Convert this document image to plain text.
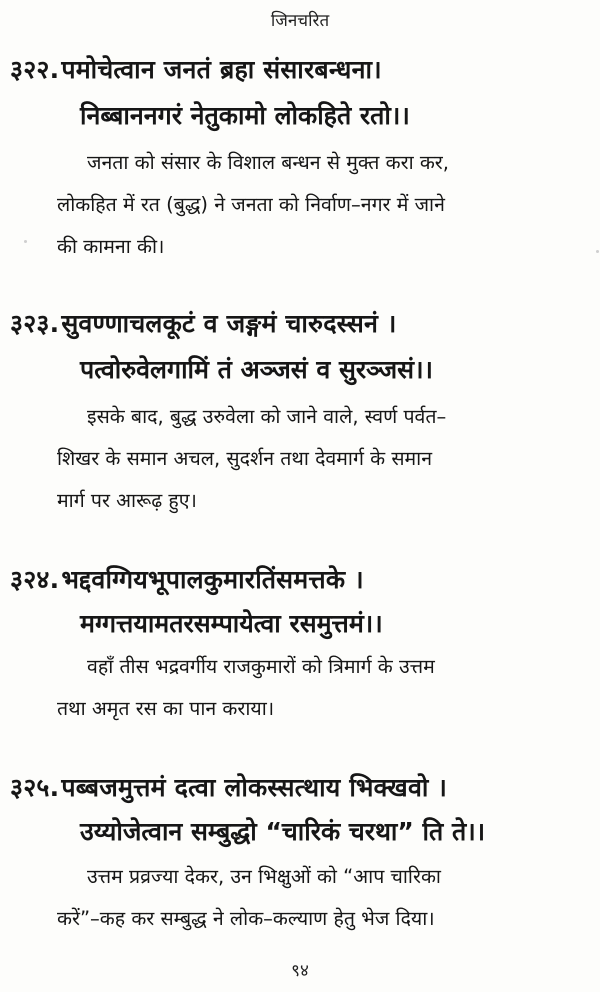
जिनचरित
३२२.पमोचेत्वान जनतं ब्रहा संसारबन्धना।
निब्बाननगरं नेतुकामो लोकहिते रतो।।
जनता को संसार के विशाल बन्धन से मुक्त करा कर,
लोकहित में रत (बुद्ध) ने जनता को निर्वाण–नगर में जाने
की कामना की।
३२३.सुवण्णाचलकूटं व जङ्गमं चारुदस्सनं ।
पत्वोरुवेलगामिं तं अञ्जसं व सुरञ्जसं।।
इसके बाद, बुद्ध उरुवेला को जाने वाले, स्वर्ण पर्वत–
शिखर के समान अचल, सुदर्शन तथा देवमार्ग के समान
मार्ग पर आरूढ़ हुए।
३२४.भद्दवग्गियभूपालकुमारतिंसमत्तके ।
मग्गत्तयामतरसम्पायेत्वा रसमुत्तमं।।
वहाँ तीस भद्रवर्गीय राजकुमारों को त्रिमार्ग के उत्तम
तथा अमृत रस का पान कराया।
३२५.पब्बजमुत्तमं दत्वा लोकस्सत्थाय भिक्खवो ।
उय्योजेत्वान सम्बुद्धो “चारिकं चरथा” ति ते।।
उत्तम प्रव्रज्या देकर, उन भिक्षुओं को “आप चारिका
करें”–कह कर सम्बुद्ध ने लोक–कल्याण हेतु भेज दिया।
९४
